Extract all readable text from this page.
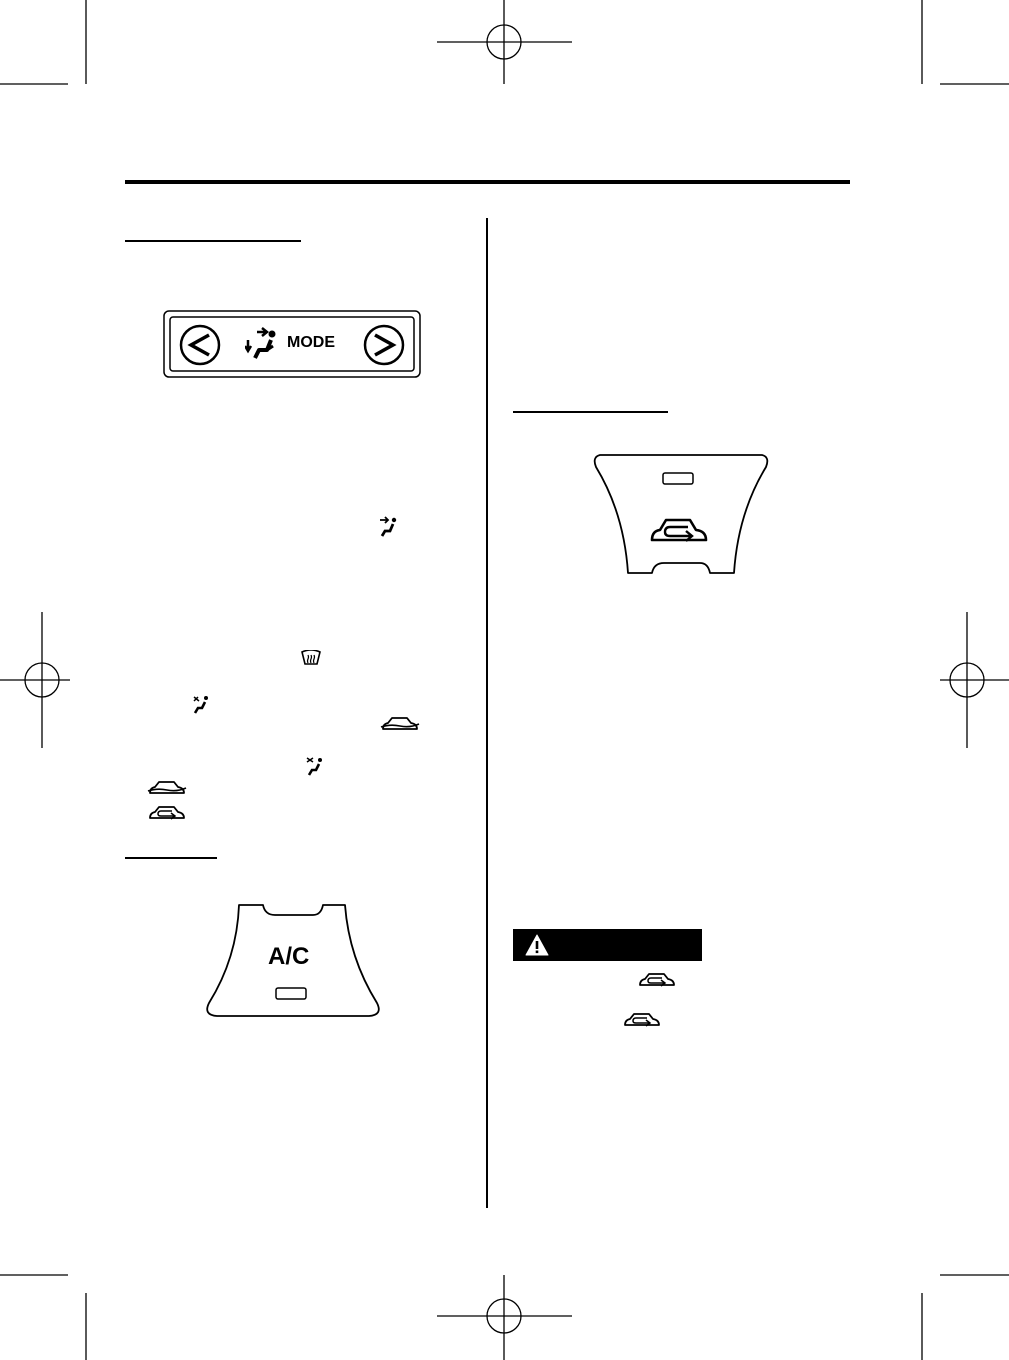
MODE
A/C
